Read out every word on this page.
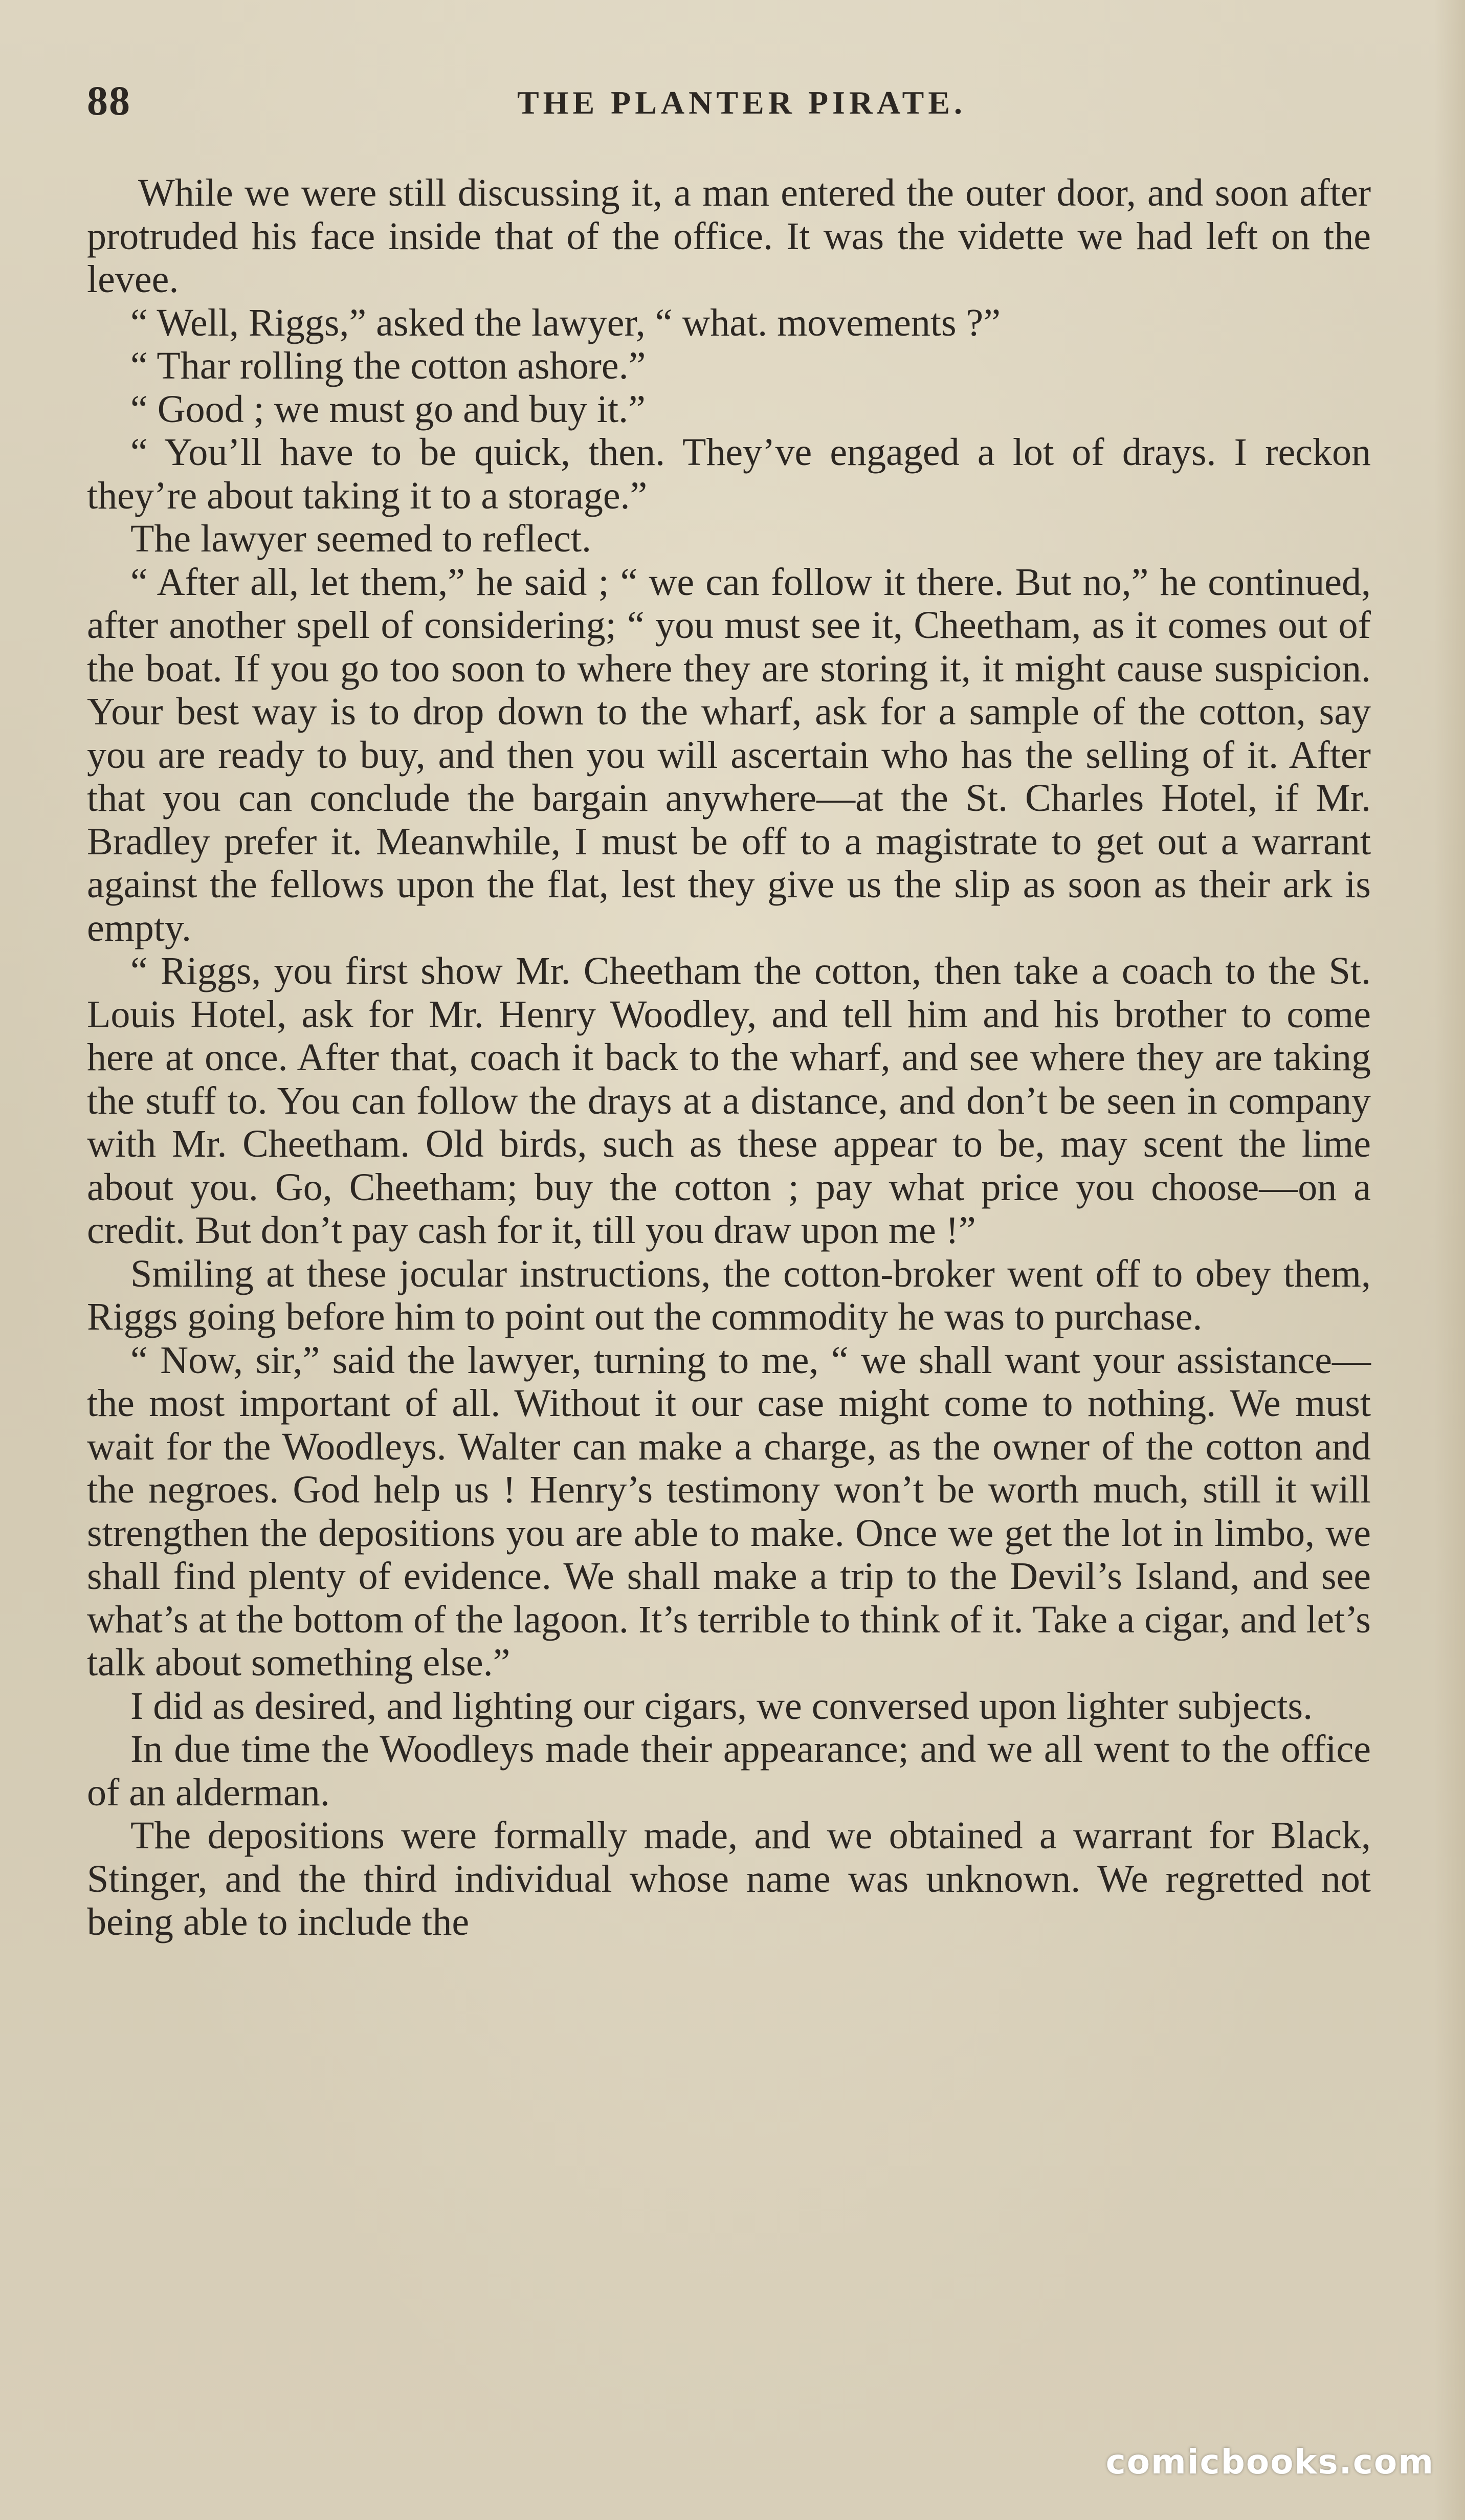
88	THE PLANTER PIRATE.

While we were still discussing it, a man entered the outer door, and soon after protruded his face inside that of the office. It was the vidette we had left on the levee.

“ Well, Riggs,” asked the lawyer, “ what. movements ?”

“ Thar rolling the cotton ashore.”

“ Good ; we must go and buy it.”

“ You’ll have to be quick, then. They’ve engaged a lot of drays. I reckon they’re about taking it to a storage.”

The lawyer seemed to reflect.

“ After all, let them,” he said ; “ we can follow it there. But no,” he continued, after another spell of considering; “ you must see it, Cheetham, as it comes out of the boat. If you go too soon to where they are storing it, it might cause suspicion. Your best way is to drop down to the wharf, ask for a sample of the cotton, say you are ready to buy, and then you will ascertain who has the selling of it. After that you can conclude the bargain anywhere—at the St. Charles Hotel, if Mr. Bradley prefer it. Meanwhile, I must be off to a magistrate to get out a warrant against the fellows upon the flat, lest they give us the slip as soon as their ark is empty.

“ Riggs, you first show Mr. Cheetham the cotton, then take a coach to the St. Louis Hotel, ask for Mr. Henry Woodley, and tell him and his brother to come here at once. After that, coach it back to the wharf, and see where they are taking the stuff to. You can follow the drays at a distance, and don’t be seen in company with Mr. Cheetham. Old birds, such as these appear to be, may scent the lime about you. Go, Cheetham; buy the cotton ; pay what price you choose—on a credit. But don’t pay cash for it, till you draw upon me !”

Smiling at these jocular instructions, the cotton-broker went off to obey them, Riggs going before him to point out the commodity he was to purchase.

“ Now, sir,” said the lawyer, turning to me, “ we shall want your assistance—the most important of all. Without it our case might come to nothing. We must wait for the Woodleys. Walter can make a charge, as the owner of the cotton and the negroes. God help us ! Henry’s testimony won’t be worth much, still it will strengthen the depositions you are able to make. Once we get the lot in limbo, we shall find plenty of evidence. We shall make a trip to the Devil’s Island, and see what’s at the bottom of the lagoon. It’s terrible to think of it. Take a cigar, and let’s talk about something else.”

I did as desired, and lighting our cigars, we conversed upon lighter subjects.

In due time the Woodleys made their appearance; and we all went to the office of an alderman.

The depositions were formally made, and we obtained a warrant for Black, Stinger, and the third individual whose name was unknown. We regretted not being able to include the

comicbooks.com
